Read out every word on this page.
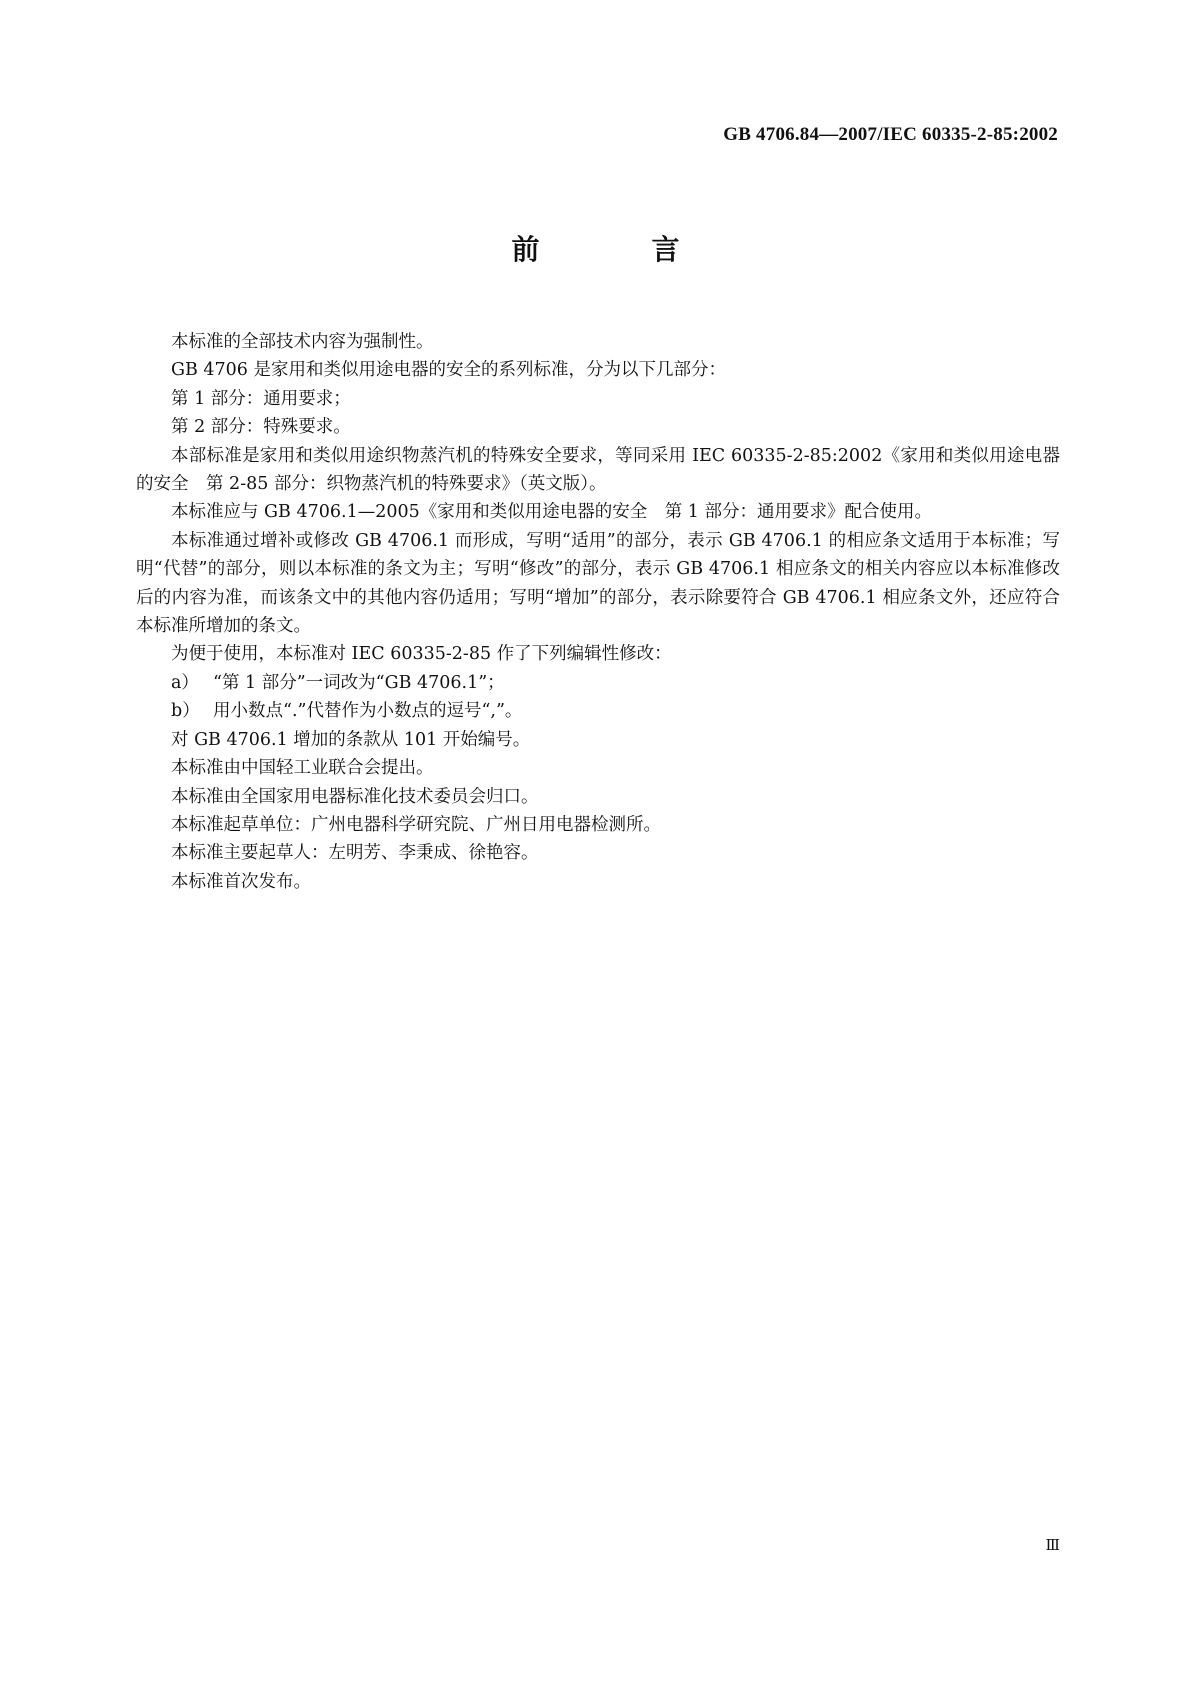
GB 4706.84—2007/IEC 60335-2-85:2002
前　言

本标准的全部技术内容为强制性。

GB 4706 是家用和类似用途电器的安全的系列标准，分为以下几部分：

第 1 部分：通用要求；

第 2 部分：特殊要求。

本部标准是家用和类似用途织物蒸汽机的特殊安全要求，等同采用 IEC 60335-2-85:2002《家用和类似用途电器的安全　第 2-85 部分：织物蒸汽机的特殊要求》（英文版）。

本标准应与 GB 4706.1—2005《家用和类似用途电器的安全　第 1 部分：通用要求》配合使用。

本标准通过增补或修改 GB 4706.1 而形成，写明“适用”的部分，表示 GB 4706.1 的相应条文适用于本标准；写明“代替”的部分，则以本标准的条文为主；写明“修改”的部分，表示 GB 4706.1 相应条文的相关内容应以本标准修改后的内容为准，而该条文中的其他内容仍适用；写明“增加”的部分，表示除要符合 GB 4706.1 相应条文外，还应符合本标准所增加的条文。

为便于使用，本标准对 IEC 60335-2-85 作了下列编辑性修改：

a） “第 1 部分”一词改为“GB 4706.1”；

b） 用小数点“.”代替作为小数点的逗号“,”。

对 GB 4706.1 增加的条款从 101 开始编号。

本标准由中国轻工业联合会提出。

本标准由全国家用电器标准化技术委员会归口。

本标准起草单位：广州电器科学研究院、广州日用电器检测所。

本标准主要起草人：左明芳、李秉成、徐艳容。

本标准首次发布。

Ⅲ
